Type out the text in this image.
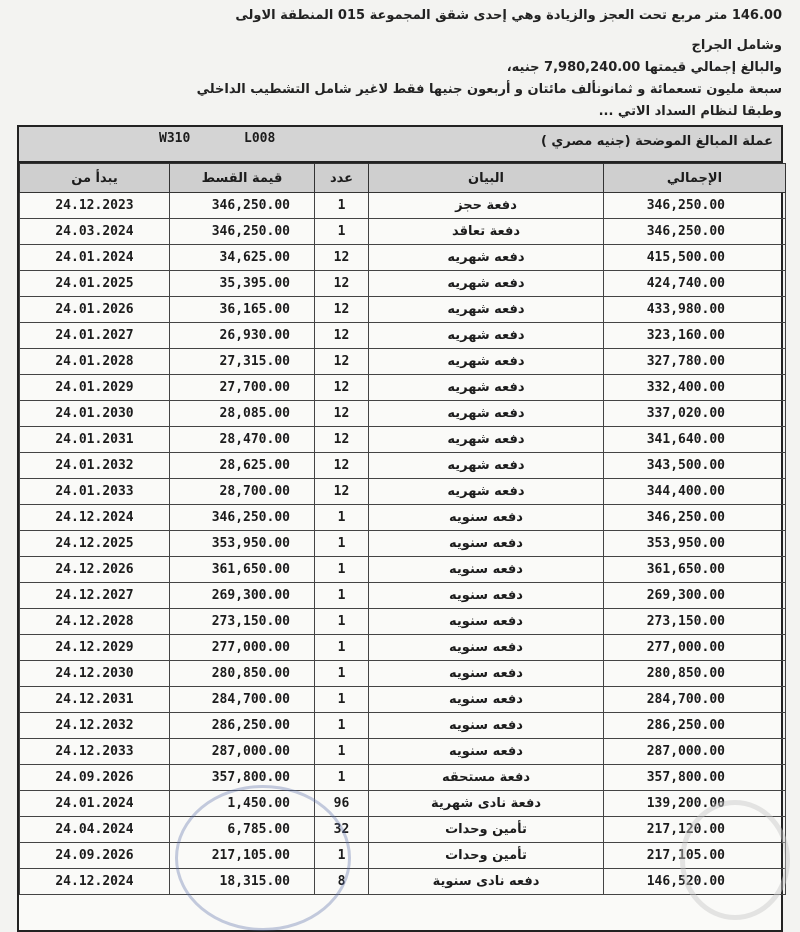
146.00 متر مربع تحت العجز والزيادة وهي إحدى شقق المجموعة 015 المنطقة الاولى
وشامل الجراج
والبالغ إجمالي قيمتها 7,980,240.00 جنيه،
سبعة مليون تسعمائة و ثمانونألف مائتان و أربعون جنيها فقط لاغير شامل التشطيب الداخلي
وطبقا لنظام السداد الاتي ...
W310	L008	عملة المبالغ الموضحة (جنيه مصري )
يبدأ من	قيمة القسط	عدد	البيان	الإجمالي
24.12.2023	346,250.00	1	دفعة حجز	346,250.00
24.03.2024	346,250.00	1	دفعة تعاقد	346,250.00
24.01.2024	34,625.00	12	دفعه شهريه	415,500.00
24.01.2025	35,395.00	12	دفعه شهريه	424,740.00
24.01.2026	36,165.00	12	دفعه شهريه	433,980.00
24.01.2027	26,930.00	12	دفعه شهريه	323,160.00
24.01.2028	27,315.00	12	دفعه شهريه	327,780.00
24.01.2029	27,700.00	12	دفعه شهريه	332,400.00
24.01.2030	28,085.00	12	دفعه شهريه	337,020.00
24.01.2031	28,470.00	12	دفعه شهريه	341,640.00
24.01.2032	28,625.00	12	دفعه شهريه	343,500.00
24.01.2033	28,700.00	12	دفعه شهريه	344,400.00
24.12.2024	346,250.00	1	دفعه سنويه	346,250.00
24.12.2025	353,950.00	1	دفعه سنويه	353,950.00
24.12.2026	361,650.00	1	دفعه سنويه	361,650.00
24.12.2027	269,300.00	1	دفعه سنويه	269,300.00
24.12.2028	273,150.00	1	دفعه سنويه	273,150.00
24.12.2029	277,000.00	1	دفعه سنويه	277,000.00
24.12.2030	280,850.00	1	دفعه سنويه	280,850.00
24.12.2031	284,700.00	1	دفعه سنويه	284,700.00
24.12.2032	286,250.00	1	دفعه سنويه	286,250.00
24.12.2033	287,000.00	1	دفعه سنويه	287,000.00
24.09.2026	357,800.00	1	دفعة مستحقه	357,800.00
24.01.2024	1,450.00	96	دفعة نادى شهرية	139,200.00
24.04.2024	6,785.00	32	تأمين وحدات	217,120.00
24.09.2026	217,105.00	1	تأمين وحدات	217,105.00
24.12.2024	18,315.00	8	دفعه نادى سنوية	146,520.00
